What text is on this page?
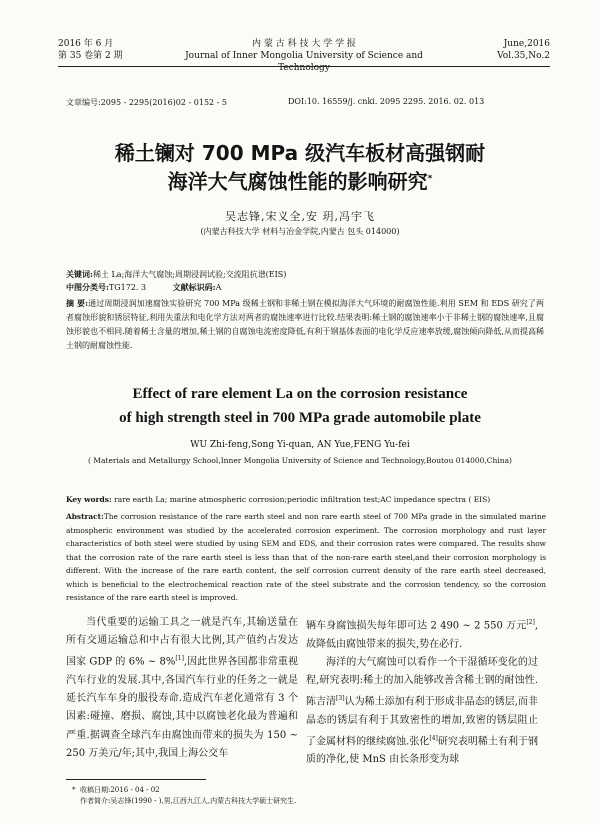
2016 年 6 月
第 35 卷第 2 期
内 蒙 古 科 技 大 学 学 报
Journal of Inner Mongolia University of Science and Technology
June,2016
Vol.35,No.2
文章编号:2095 - 2295(2016)02 - 0152 - 5	DOI:10. 16559/j. cnki. 2095 2295. 2016. 02. 013
稀土镧对 700 MPa 级汽车板材高强钢耐
海洋大气腐蚀性能的影响研究*
吴志锋,宋义全,安 玥,冯宇飞
(内蒙古科技大学 材料与冶金学院,内蒙古 包头 014000)
关键词:稀土 La;海洋大气腐蚀;周期浸润试验;交流阻抗谱(EIS)
中图分类号:TG172. 3	文献标识码:A
摘 要:通过周期浸润加速腐蚀实验研究 700 MPa 级稀土钢和非稀土钢在模拟海洋大气环境的耐腐蚀性能.利用 SEM 和 EDS 研究了两者腐蚀形貌和锈层特征,利用失重法和电化学方法对两者的腐蚀速率进行比较.结果表明:稀土钢的腐蚀速率小于非稀土钢的腐蚀速率,且腐蚀形貌也不相同.随着稀土含量的增加,稀土钢的自腐蚀电流密度降低,有利于钢基体表面的电化学反应速率放缓,腐蚀倾向降低,从而提高稀土钢的耐腐蚀性能.
Effect of rare element La on the corrosion resistance
of high strength steel in 700 MPa grade automobile plate
WU Zhi-feng,Song Yi-quan, AN Yue,FENG Yu-fei
( Materials and Metallurgy School,Inner Mongolia University of Science and Technology,Boutou 014000,China)
Key words: rare earth La; marine atmospheric corrosion;periodic infiltration test;AC impedance spectra ( EIS)
Abstract:The corrosion resistance of the rare earth steel and non rare earth steel of 700 MPa grade in the simulated marine atmospheric environment was studied by the accelerated corrosion experiment. The corrosion morphology and rust layer characteristics of both steel were studied by using SEM and EDS, and their corrosion rates were compared. The results show that the corrosion rate of the rare earth steel is less than that of the non-rare earth steel,and their corrosion morphology is different. With the increase of the rare earth content, the self corrosion current density of the rare earth steel decreased, which is beneficial to the electrochemical reaction rate of the steel substrate and the corrosion tendency, so the corrosion resistance of the rare earth steel is improved.

当代重要的运输工具之一就是汽车,其输送量在所有交通运输总和中占有很大比例,其产值约占发达国家 GDP 的 6% ~ 8%[1],因此世界各国都非常重视汽车行业的发展.其中,各国汽车行业的任务之一就是延长汽车车身的服役寿命.造成汽车老化通常有 3 个因素:碰撞、磨损、腐蚀,其中以腐蚀老化最为普遍和严重.据调查全球汽车由腐蚀而带来的损失为 150 ~ 250 万美元/年;其中,我国上海公交车

辆车身腐蚀损失每年即可达 2 490 ~ 2 550 万元[2],故降低由腐蚀带来的损失,势在必行.

海洋的大气腐蚀可以看作一个干湿循环变化的过程,研究表明:稀土的加入能够改善含稀土钢的耐蚀性.陈吉清[3]认为稀土添加有利于形成非晶态的锈层,而非晶态的锈层有利于其致密性的增加,致密的锈层阻止了金属材料的继续腐蚀.张化[4]研究表明稀土有利于钢质的净化,使 MnS 由长条形变为球

* 收稿日期:2016 - 04 - 02
作者简介:吴志锋(1990 - ),男,江西九江人,内蒙古科技大学硕士研究生.
